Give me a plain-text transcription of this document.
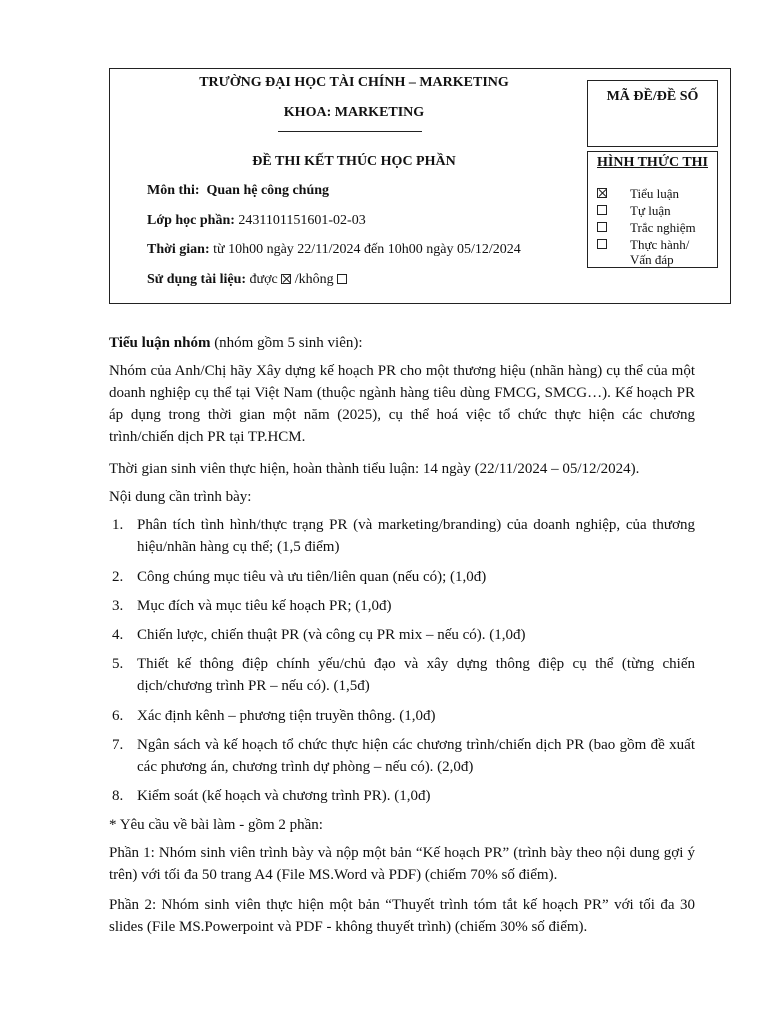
TRƯỜNG ĐẠI HỌC TÀI CHÍNH – MARKETING
KHOA: MARKETING
ĐỀ THI KẾT THÚC HỌC PHẦN
Môn thi: Quan hệ công chúng
Lớp học phần: 2431101151601-02-03
Thời gian: từ 10h00 ngày 22/11/2024 đến 10h00 ngày 05/12/2024
Sử dụng tài liệu: được /không
MÃ ĐỀ/ĐỀ SỐ
HÌNH THỨC THI
Tiểu luận
Tự luận
Trắc nghiệm
Thực hành/
Vấn đáp

Tiểu luận nhóm (nhóm gồm 5 sinh viên):

Nhóm của Anh/Chị hãy Xây dựng kế hoạch PR cho một thương hiệu (nhãn hàng) cụ thể của một doanh nghiệp cụ thể tại Việt Nam (thuộc ngành hàng tiêu dùng FMCG, SMCG…). Kế hoạch PR áp dụng trong thời gian một năm (2025), cụ thể hoá việc tổ chức thực hiện các chương trình/chiến dịch PR tại TP.HCM.

Thời gian sinh viên thực hiện, hoàn thành tiểu luận: 14 ngày (22/11/2024 – 05/12/2024).

Nội dung cần trình bày:

1. Phân tích tình hình/thực trạng PR (và marketing/branding) của doanh nghiệp, của thương hiệu/nhãn hàng cụ thể; (1,5 điểm)
2. Công chúng mục tiêu và ưu tiên/liên quan (nếu có); (1,0đ)
3. Mục đích và mục tiêu kế hoạch PR; (1,0đ)
4. Chiến lược, chiến thuật PR (và công cụ PR mix – nếu có). (1,0đ)
5. Thiết kế thông điệp chính yếu/chủ đạo và xây dựng thông điệp cụ thể (từng chiến dịch/chương trình PR – nếu có). (1,5đ)
6. Xác định kênh – phương tiện truyền thông. (1,0đ)
7. Ngân sách và kế hoạch tổ chức thực hiện các chương trình/chiến dịch PR (bao gồm đề xuất các phương án, chương trình dự phòng – nếu có). (2,0đ)
8. Kiểm soát (kế hoạch và chương trình PR). (1,0đ)

* Yêu cầu về bài làm - gồm 2 phần:

Phần 1: Nhóm sinh viên trình bày và nộp một bản “Kế hoạch PR” (trình bày theo nội dung gợi ý trên) với tối đa 50 trang A4 (File MS.Word và PDF) (chiếm 70% số điểm).

Phần 2: Nhóm sinh viên thực hiện một bản “Thuyết trình tóm tắt kế hoạch PR” với tối đa 30 slides (File MS.Powerpoint và PDF - không thuyết trình) (chiếm 30% số điểm).
